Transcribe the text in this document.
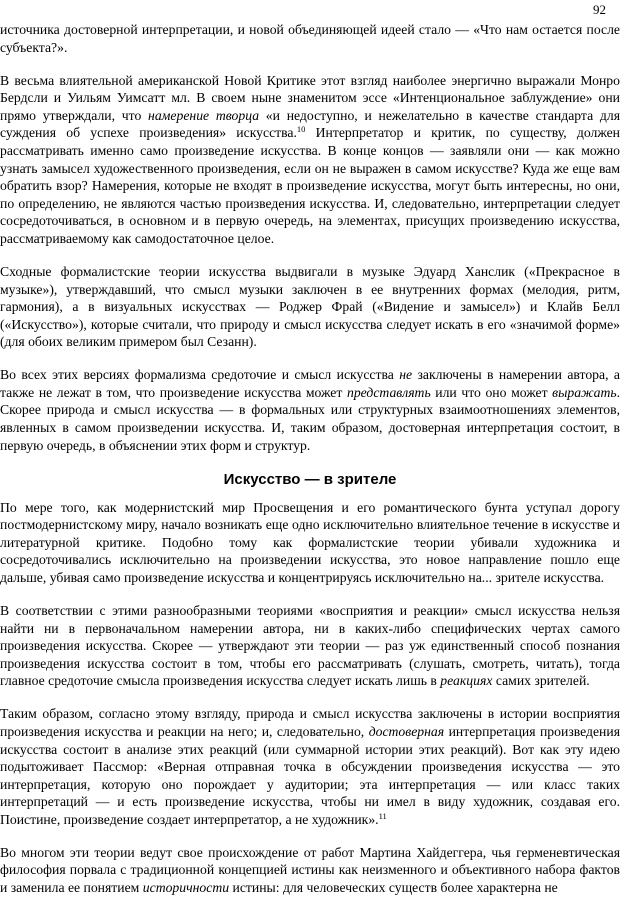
92

источника достоверной интерпретации, и новой объединяющей идеей стало — «Что нам остается после субъекта?».

В весьма влиятельной американской Новой Критике этот взгляд наиболее энергично выражали Монро Бердсли и Уильям Уимсатт мл. В своем ныне знаменитом эссе «Интенциональное заблуждение» они прямо утверждали, что намерение творца «и недоступно, и нежелательно в качестве стандарта для суждения об успехе произведения» искусства.$^{10}$ Интерпретатор и критик, по существу, должен рассматривать именно само произведение искусства. В конце концов — заявляли они — как можно узнать замысел художественного произведения, если он не выражен в самом искусстве? Куда же еще вам обратить взор? Намерения, которые не входят в произведение искусства, могут быть интересны, но они, по определению, не являются частью произведения искусства. И, следовательно, интерпретации следует сосредоточиваться, в основном и в первую очередь, на элементах, присущих произведению искусства, рассматриваемому как самодостаточное целое.

Сходные формалистские теории искусства выдвигали в музыке Эдуард Ханслик («Прекрасное в музыке»), утверждавший, что смысл музыки заключен в ее внутренних формах (мелодия, ритм, гармония), а в визуальных искусствах — Роджер Фрай («Видение и замысел») и Клайв Белл («Искусство»), которые считали, что природу и смысл искусства следует искать в его «значимой форме» (для обоих великим примером был Сезанн).

Во всех этих версиях формализма средоточие и смысл искусства не заключены в намерении автора, а также не лежат в том, что произведение искусства может представлять или что оно может выражать. Скорее природа и смысл искусства — в формальных или структурных взаимоотношениях элементов, явленных в самом произведении искусства. И, таким образом, достоверная интерпретация состоит, в первую очередь, в объяснении этих форм и структур.

Искусство — в зрителе

По мере того, как модернистский мир Просвещения и его романтического бунта уступал дорогу постмодернистскому миру, начало возникать еще одно исключительно влиятельное течение в искусстве и литературной критике. Подобно тому как формалистские теории убивали художника и сосредоточивались исключительно на произведении искусства, это новое направление пошло еще дальше, убивая само произведение искусства и концентрируясь исключительно на... зрителе искусства.

В соответствии с этими разнообразными теориями «восприятия и реакции» смысл искусства нельзя найти ни в первоначальном намерении автора, ни в каких-либо специфических чертах самого произведения искусства. Скорее — утверждают эти теории — раз уж единственный способ познания произведения искусства состоит в том, чтобы его рассматривать (слушать, смотреть, читать), тогда главное средоточие смысла произведения искусства следует искать лишь в реакциях самих зрителей.

Таким образом, согласно этому взгляду, природа и смысл искусства заключены в истории восприятия произведения искусства и реакции на него; и, следовательно, достоверная интерпретация произведения искусства состоит в анализе этих реакций (или суммарной истории этих реакций). Вот как эту идею подытоживает Пассмор: «Верная отправная точка в обсуждении произведения искусства — это интерпретация, которую оно порождает у аудитории; эта интерпретация — или класс таких интерпретаций — и есть произведение искусства, чтобы ни имел в виду художник, создавая его. Поистине, произведение создает интерпретатор, а не художник».$^{11}$

Во многом эти теории ведут свое происхождение от работ Мартина Хайдеггера, чья герменевтическая философия порвала с традиционной концепцией истины как неизменного и объективного набора фактов и заменила ее понятием историчности истины: для человеческих существ более характерна не
